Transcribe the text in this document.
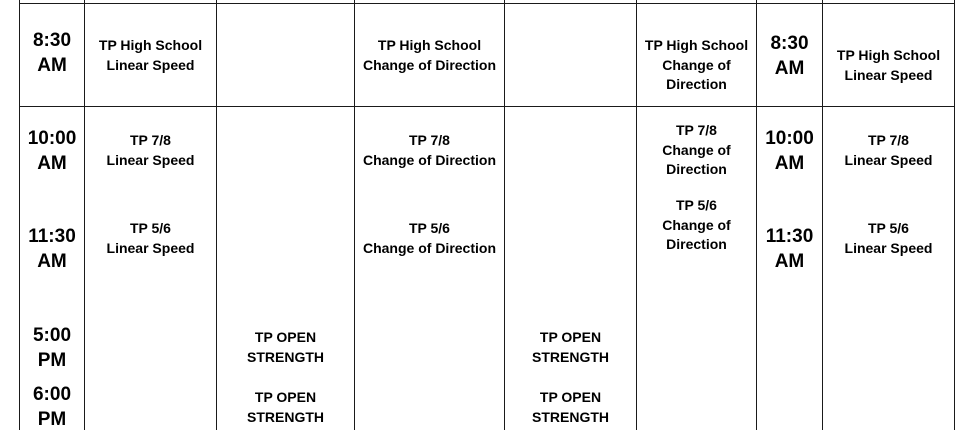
8:30
AM
TP High School
Linear Speed
TP High School
Change of Direction
TP High School
Change of
Direction
8:30
AM
TP High School
Linear Speed
10:00
AM
TP 7/8
Linear Speed
TP 7/8
Change of Direction
TP 7/8
Change of
Direction
10:00
AM
TP 7/8
Linear Speed
11:30
AM
TP 5/6
Linear Speed
TP 5/6
Change of Direction
TP 5/6
Change of
Direction 11:30
AM
TP 5/6
Linear Speed
5:00
PM
TP OPEN
STRENGTH
TP OPEN
STRENGTH
6:00
PM
TP OPEN
STRENGTH
TP OPEN
STRENGTH
